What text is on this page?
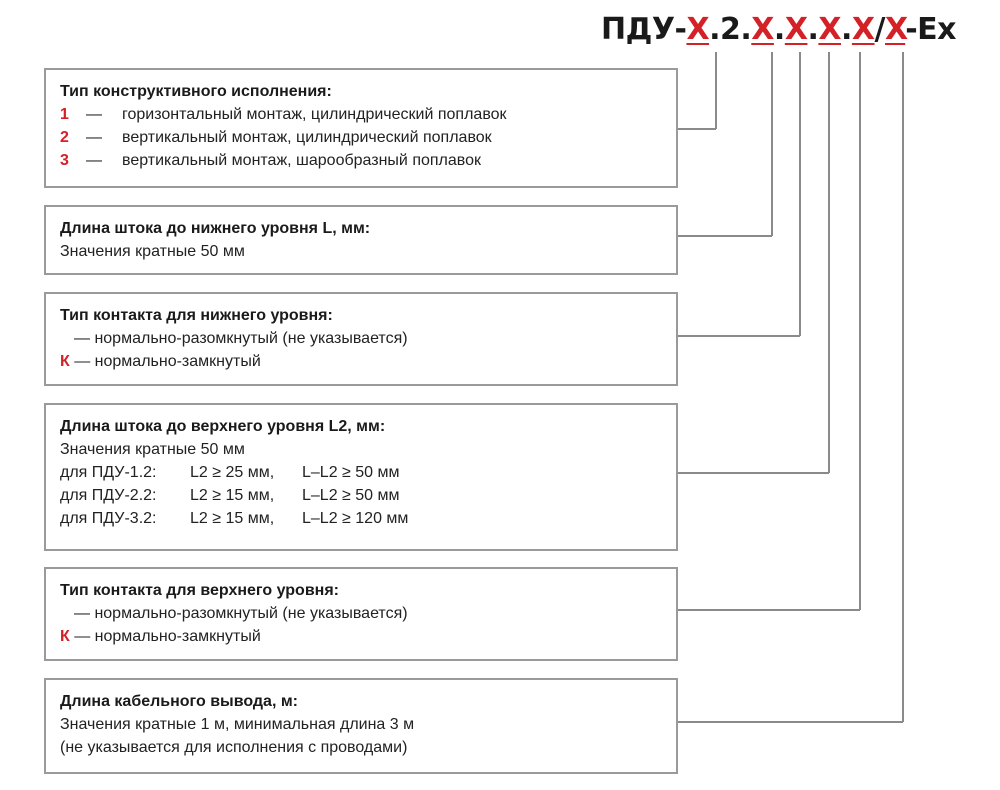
ПДУ-X.2.X.X.X.X/X-Ex
Тип конструктивного исполнения:
1 — горизонтальный монтаж, цилиндрический поплавок
2 — вертикальный монтаж, цилиндрический поплавок
3 — вертикальный монтаж, шарообразный поплавок
Длина штока до нижнего уровня L, мм:
Значения кратные 50 мм
Тип контакта для нижнего уровня:
— нормально-разомкнутый (не указывается)
К — нормально-замкнутый
Длина штока до верхнего уровня L2, мм:
Значения кратные 50 мм
для ПДУ-1.2: L2 ≥ 25 мм, L–L2 ≥ 50 мм
для ПДУ-2.2: L2 ≥ 15 мм, L–L2 ≥ 50 мм
для ПДУ-3.2: L2 ≥ 15 мм, L–L2 ≥ 120 мм
Тип контакта для верхнего уровня:
— нормально-разомкнутый (не указывается)
К — нормально-замкнутый
Длина кабельного вывода, м:
Значения кратные 1 м, минимальная длина 3 м
(не указывается для исполнения с проводами)
